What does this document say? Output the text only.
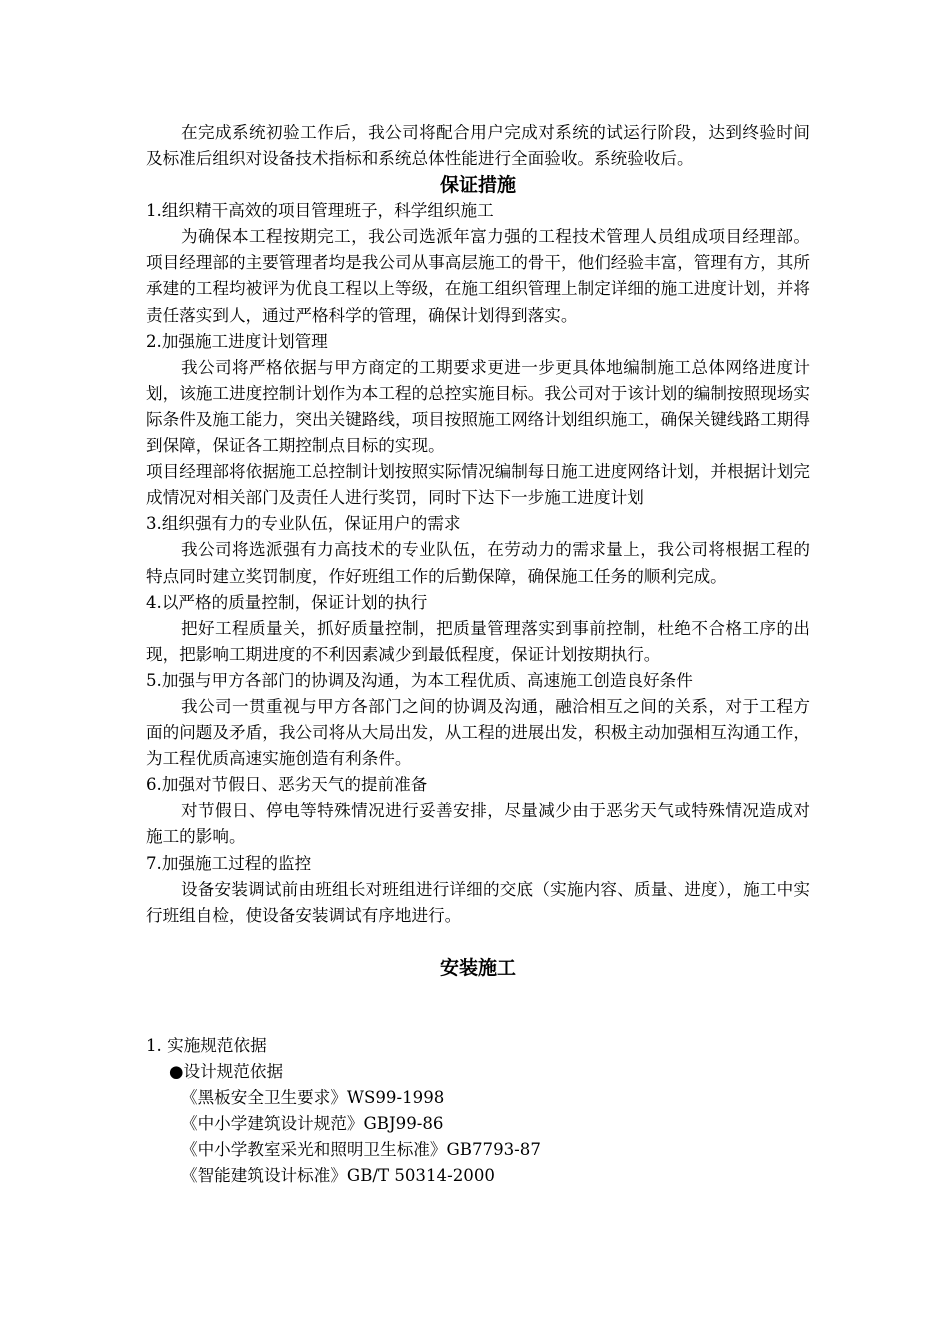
在完成系统初验工作后，我公司将配合用户完成对系统的试运行阶段，达到终验时间及标准后组织对设备技术指标和系统总体性能进行全面验收。系统验收后。

保证措施

1.组织精干高效的项目管理班子，科学组织施工

为确保本工程按期完工，我公司选派年富力强的工程技术管理人员组成项目经理部。项目经理部的主要管理者均是我公司从事高层施工的骨干，他们经验丰富，管理有方，其所承建的工程均被评为优良工程以上等级，在施工组织管理上制定详细的施工进度计划，并将责任落实到人，通过严格科学的管理，确保计划得到落实。

2.加强施工进度计划管理

我公司将严格依据与甲方商定的工期要求更进一步更具体地编制施工总体网络进度计划，该施工进度控制计划作为本工程的总控实施目标。我公司对于该计划的编制按照现场实际条件及施工能力，突出关键路线，项目按照施工网络计划组织施工，确保关键线路工期得到保障，保证各工期控制点目标的实现。

项目经理部将依据施工总控制计划按照实际情况编制每日施工进度网络计划，并根据计划完成情况对相关部门及责任人进行奖罚，同时下达下一步施工进度计划

3.组织强有力的专业队伍，保证用户的需求

我公司将选派强有力高技术的专业队伍，在劳动力的需求量上，我公司将根据工程的特点同时建立奖罚制度，作好班组工作的后勤保障，确保施工任务的顺利完成。

4.以严格的质量控制，保证计划的执行

把好工程质量关，抓好质量控制，把质量管理落实到事前控制，杜绝不合格工序的出现，把影响工期进度的不利因素减少到最低程度，保证计划按期执行。

5.加强与甲方各部门的协调及沟通，为本工程优质、高速施工创造良好条件

我公司一贯重视与甲方各部门之间的协调及沟通，融洽相互之间的关系，对于工程方面的问题及矛盾，我公司将从大局出发，从工程的进展出发，积极主动加强相互沟通工作，为工程优质高速实施创造有利条件。

6.加强对节假日、恶劣天气的提前准备

对节假日、停电等特殊情况进行妥善安排，尽量减少由于恶劣天气或特殊情况造成对施工的影响。

7.加强施工过程的监控

设备安装调试前由班组长对班组进行详细的交底（实施内容、质量、进度），施工中实行班组自检，使设备安装调试有序地进行。

安装施工

1. 实施规范依据

●设计规范依据

《黑板安全卫生要求》WS99-1998

《中小学建筑设计规范》GBJ99-86

《中小学教室采光和照明卫生标准》GB7793-87

《智能建筑设计标准》GB/T 50314-2000
